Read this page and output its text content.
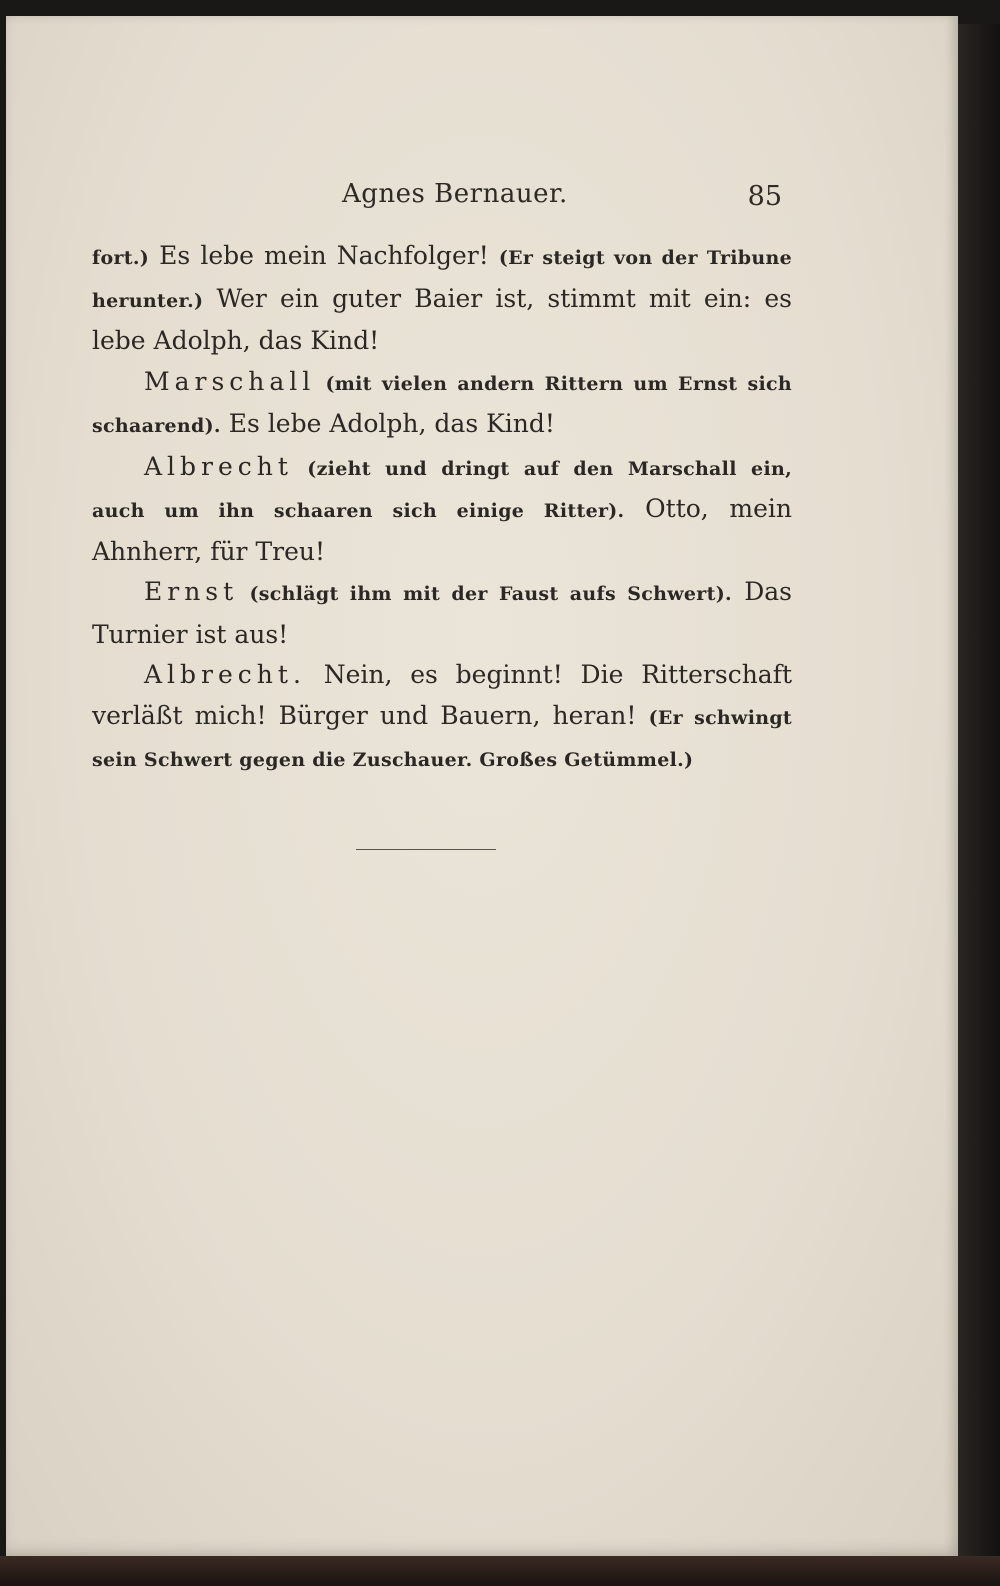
Agnes Bernauer.	85

fort.) Es lebe mein Nachfolger! (Er steigt von der Tribune herunter.) Wer ein guter Baier ist, stimmt mit ein: es lebe Adolph, das Kind!

Marschall (mit vielen andern Rittern um Ernst sich schaarend). Es lebe Adolph, das Kind!

Albrecht (zieht und dringt auf den Marschall ein, auch um ihn schaaren sich einige Ritter). Otto, mein Ahnherr, für Treu!

Ernst (schlägt ihm mit der Faust aufs Schwert). Das Turnier ist aus!

Albrecht. Nein, es beginnt! Die Ritterschaft verläßt mich! Bürger und Bauern, heran! (Er schwingt sein Schwert gegen die Zuschauer. Großes Getümmel.)
